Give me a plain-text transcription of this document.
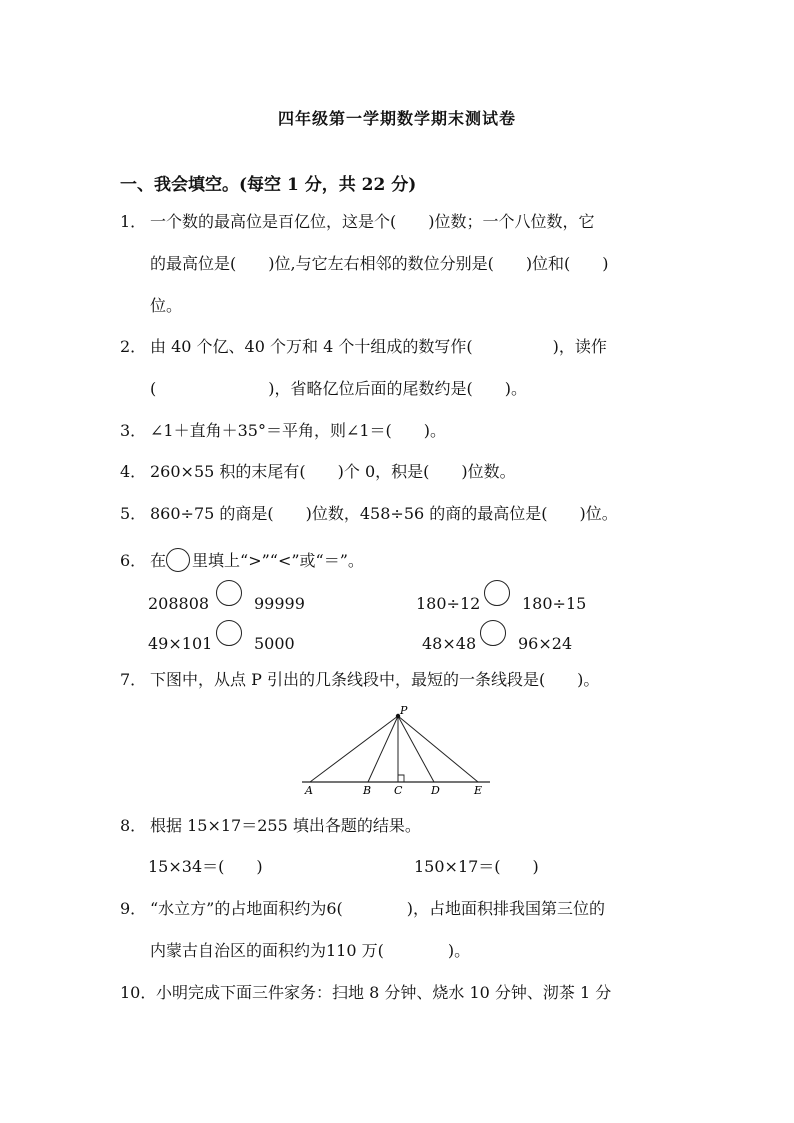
四年级第一学期数学期末测试卷
一、我会填空。(每空 1 分，共 22 分)
1． 一个数的最高位是百亿位，这是个(　　)位数；一个八位数，它
的最高位是(　　)位,与它左右相邻的数位分别是(　　)位和(　　)
位。
2． 由 40 个亿、40 个万和 4 个十组成的数写作(　　　　　)，读作
(　　　　　　　)，省略亿位后面的尾数约是(　　)。
3． ∠1＋直角＋35°＝平角，则∠1＝(　　)。
4． 260×55 积的末尾有(　　)个 0，积是(　　)位数。
5． 860÷75 的商是(　　)位数，458÷56 的商的最高位是(　　)位。
6． 在 里填上“>”“<”或“＝”。
208808	99999	180÷12	180÷15
49×101	5000	48×48	96×24
7． 下图中，从点 P 引出的几条线段中，最短的一条线段是(　　)。
P
A	B C	D	E
8． 根据 15×17＝255 填出各题的结果。
15×34＝(　　)	150×17＝(　　)
9． “水立方”的占地面积约为6(　　　　)，占地面积排我国第三位的
内蒙古自治区的面积约为110 万(　　　　)。
10．小明完成下面三件家务：扫地 8 分钟、烧水 10 分钟、沏茶 1 分
